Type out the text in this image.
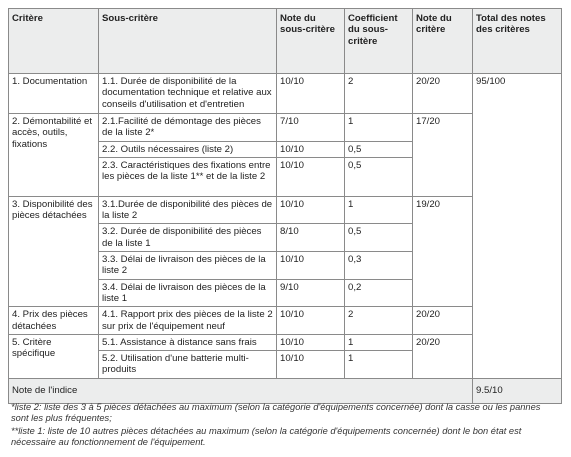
Critère	Sous-critère	Note du sous-critère	Coefficient du sous-critère	Note du critère	Total des notes des critères
1. Documentation	1.1. Durée de disponibilité de la documentation technique et relative aux conseils d'utilisation et d'entretien	10/10	2	20/20	95/100
2. Démontabilité et accès, outils, fixations	2.1.Facilité de démontage des pièces de la liste 2*	7/10	1	17/20	
	2.2. Outils nécessaires (liste 2)	10/10	0,5		
	2.3. Caractéristiques des fixations entre les pièces de la liste 1** et de la liste 2	10/10	0,5		
3. Disponibilité des pièces détachées	3.1.Durée de disponibilité des pièces de la liste 2	10/10	1	19/20	
	3.2. Durée de disponibilité des pièces de la liste 1	8/10	0,5		
	3.3. Délai de livraison des pièces de la liste 2	10/10	0,3		
	3.4. Délai de livraison des pièces de la liste 1	9/10	0,2		
4. Prix des pièces détachées	4.1. Rapport prix des pièces de la liste 2 sur prix de l'équipement neuf	10/10	2	20/20	
5. Critère spécifique	5.1. Assistance à distance sans frais	10/10	1	20/20	
	5.2. Utilisation d'une batterie multi-produits	10/10	1		
Note de l'indice					9.5/10

*liste 2: liste des 3 à 5 pièces détachées au maximum (selon la catégorie d'équipements concernée) dont la casse ou les pannes sont les plus fréquentes;

**liste 1: liste de 10 autres pièces détachées au maximum (selon la catégorie d'équipements concernée) dont le bon état est nécessaire au fonctionnement de l'équipement.
